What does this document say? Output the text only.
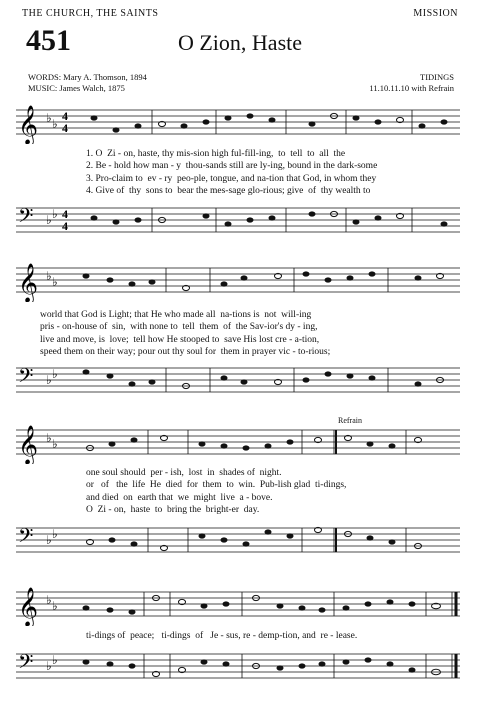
THE CHURCH, THE SAINTS	MISSION
451	O Zion, Haste
WORDS: Mary A. Thomson, 1894
MUSIC: James Walch, 1875
TIDINGS
11.10.11.10 with Refrain
𝄞 ♭ ♭
4
4
1. O  Zi - on, haste, thy mis-sion high ful-fill-ing,  to  tell  to  all  the
2. Be - hold how man - y  thou-sands still are ly-ing, bound in the dark-some
3. Pro-claim to  ev - ry  peo-ple, tongue, and na-tion that God, in whom they
4. Give of  thy  sons to  bear the mes-sage glo-rious; give  of  thy wealth to
𝄢 ♭ ♭ 4
4
𝄞 ♭ ♭
world that God is Light; that He who made all  na-tions is  not  will-ing
pris - on-house of  sin,  with none to  tell  them  of  the Sav-ior's dy - ing,
live and move, is  love;  tell how He stooped to  save His lost cre - a-tion,
speed them on their way; pour out thy soul for  them in prayer vic - to-rious;
𝄢 ♭ ♭
Refrain
𝄞 ♭ ♭
one soul should  per - ish,  lost  in  shades of  night.
or   of   the  life  He  died  for  them  to  win.  Pub-lish glad  ti-dings,
and died  on  earth that  we  might  live  a - bove.
O  Zi - on,  haste  to  bring the  bright-er  day.
𝄢 ♭ ♭
𝄞 ♭ ♭
ti-dings of  peace;   ti-dings  of   Je - sus, re - demp-tion, and  re - lease.
𝄢 ♭ ♭
